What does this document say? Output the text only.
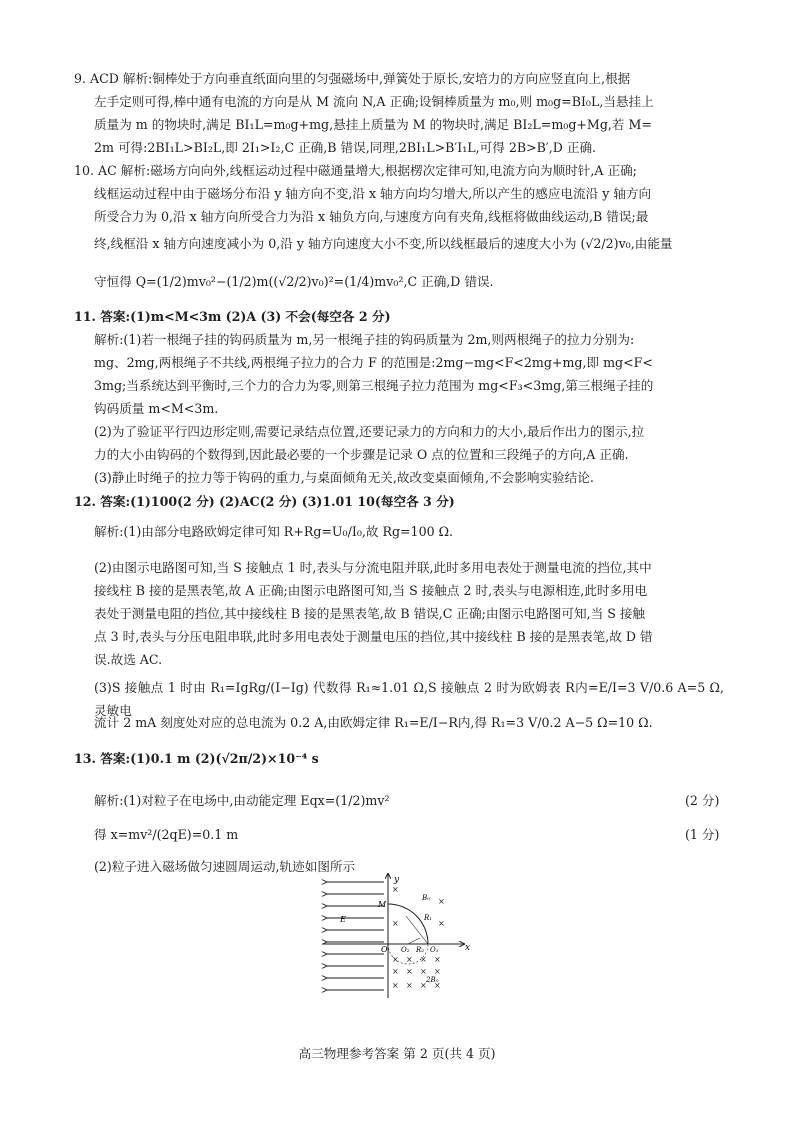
9. ACD 解析:铜棒处于方向垂直纸面向里的匀强磁场中,弹簧处于原长,安培力的方向应竖直向上,根据
左手定则可得,棒中通有电流的方向是从 M 流向 N,A 正确;设铜棒质量为 m₀,则 m₀g=BI₀L,当悬挂上
质量为 m 的物块时,满足 BI₁L=m₀g+mg,悬挂上质量为 M 的物块时,满足 BI₂L=m₀g+Mg,若 M=
2m 可得:2BI₁L>BI₂L,即 2I₁>I₂,C 正确,B 错误,同理,2BI₁L>B′I₁L,可得 2B>B′,D 正确.
10. AC 解析:磁场方向向外,线框运动过程中磁通量增大,根据楞次定律可知,电流方向为顺时针,A 正确;
线框运动过程中由于磁场分布沿 y 轴方向不变,沿 x 轴方向均匀增大,所以产生的感应电流沿 y 轴方向
所受合力为 0,沿 x 轴方向所受合力为沿 x 轴负方向,与速度方向有夹角,线框将做曲线运动,B 错误;最
终,线框沿 x 轴方向速度减小为 0,沿 y 轴方向速度大小不变,所以线框最后的速度大小为 (√2/2)v₀,由能量
守恒得 Q=(1/2)mv₀²−(1/2)m((√2/2)v₀)²=(1/4)mv₀²,C 正确,D 错误.
11. 答案:(1)m<M<3m (2)A (3) 不会(每空各 2 分)
解析:(1)若一根绳子挂的钩码质量为 m,另一根绳子挂的钩码质量为 2m,则两根绳子的拉力分别为:
mg、2mg,两根绳子不共线,两根绳子拉力的合力 F 的范围是:2mg−mg<F<2mg+mg,即 mg<F<
3mg;当系统达到平衡时,三个力的合力为零,则第三根绳子拉力范围为 mg<F₃<3mg,第三根绳子挂的
钩码质量 m<M<3m.
(2)为了验证平行四边形定则,需要记录结点位置,还要记录力的方向和力的大小,最后作出力的图示,拉
力的大小由钩码的个数得到,因此最必要的一个步骤是记录 O 点的位置和三段绳子的方向,A 正确.
(3)静止时绳子的拉力等于钩码的重力,与桌面倾角无关,故改变桌面倾角,不会影响实验结论.
12. 答案:(1)100(2 分) (2)AC(2 分) (3)1.01 10(每空各 3 分)
解析:(1)由部分电路欧姆定律可知 R+Rg=U₀/I₀,故 Rg=100 Ω.
(2)由图示电路图可知,当 S 接触点 1 时,表头与分流电阻并联,此时多用电表处于测量电流的挡位,其中
接线柱 B 接的是黑表笔,故 A 正确;由图示电路图可知,当 S 接触点 2 时,表头与电源相连,此时多用电
表处于测量电阻的挡位,其中接线柱 B 接的是黑表笔,故 B 错误,C 正确;由图示电路图可知,当 S 接触
点 3 时,表头与分压电阻串联,此时多用电表处于测量电压的挡位,其中接线柱 B 接的是黑表笔,故 D 错
误.故选 AC.
(3)S 接触点 1 时由 R₁=IgRg/(I−Ig) 代数得 R₁≈1.01 Ω,S 接触点 2 时为欧姆表 R内=E/I=3 V/0.6 A=5 Ω,灵敏电
流计 2 mA 刻度处对应的总电流为 0.2 A,由欧姆定律 R₁=E/I−R内,得 R₁=3 V/0.2 A−5 Ω=10 Ω.
13. 答案:(1)0.1 m (2)(√2π/2)×10⁻⁴ s
解析:(1)对粒子在电场中,由动能定理 Eqx=(1/2)mv²	(2 分)
得 x=mv²/(2qE)=0.1 m	(1 分)
(2)粒子进入磁场做匀速圆周运动,轨迹如图所示
y
x
M
E
O O₂ R₂ O₁
R₁
B₀
2B₀
×
×
×	×
× × × ×
× × × ×
× × × ×
高三物理参考答案 第 2 页(共 4 页)
